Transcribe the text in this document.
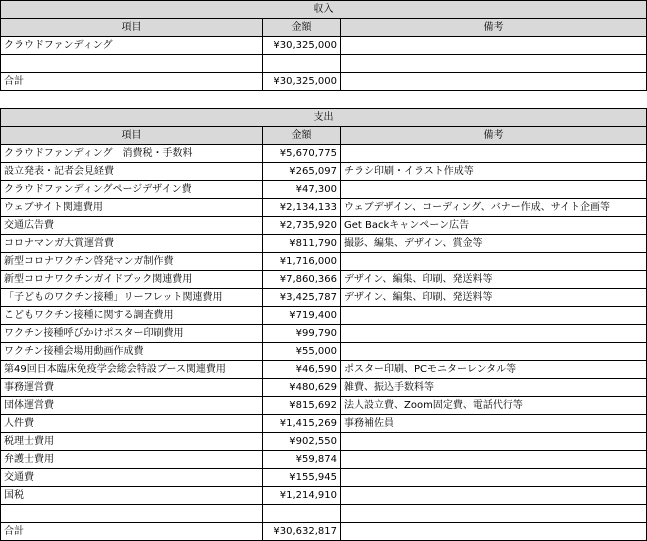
収入		
項目	金額	備考
クラウドファンディング	¥30,325,000	

合計	¥30,325,000	
支出		
項目	金額	備考
クラウドファンディング　消費税・手数料	¥5,670,775	
設立発表・記者会見経費	¥265,097	チラシ印刷・イラスト作成等
クラウドファンディングページデザイン費	¥47,300	
ウェブサイト関連費用	¥2,134,133	ウェブデザイン、コーディング、バナー作成、サイト企画等
交通広告費	¥2,735,920	Get Backキャンペーン広告
コロナマンガ大賞運営費	¥811,790	撮影、編集、デザイン、賞金等
新型コロナワクチン啓発マンガ制作費	¥1,716,000	
新型コロナワクチンガイドブック関連費用	¥7,860,366	デザイン、編集、印刷、発送料等
「子どものワクチン接種」リーフレット関連費用	¥3,425,787	デザイン、編集、印刷、発送料等
こどもワクチン接種に関する調査費用	¥719,400	
ワクチン接種呼びかけポスター印刷費用	¥99,790	
ワクチン接種会場用動画作成費	¥55,000	
第49回日本臨床免疫学会総会特設ブース関連費用	¥46,590	ポスター印刷、PCモニターレンタル等
事務運営費	¥480,629	雑費、振込手数料等
団体運営費	¥815,692	法人設立費、Zoom固定費、電話代行等
人件費	¥1,415,269	事務補佐員
税理士費用	¥902,550	
弁護士費用	¥59,874	
交通費	¥155,945	
国税	¥1,214,910	

合計	¥30,632,817	
